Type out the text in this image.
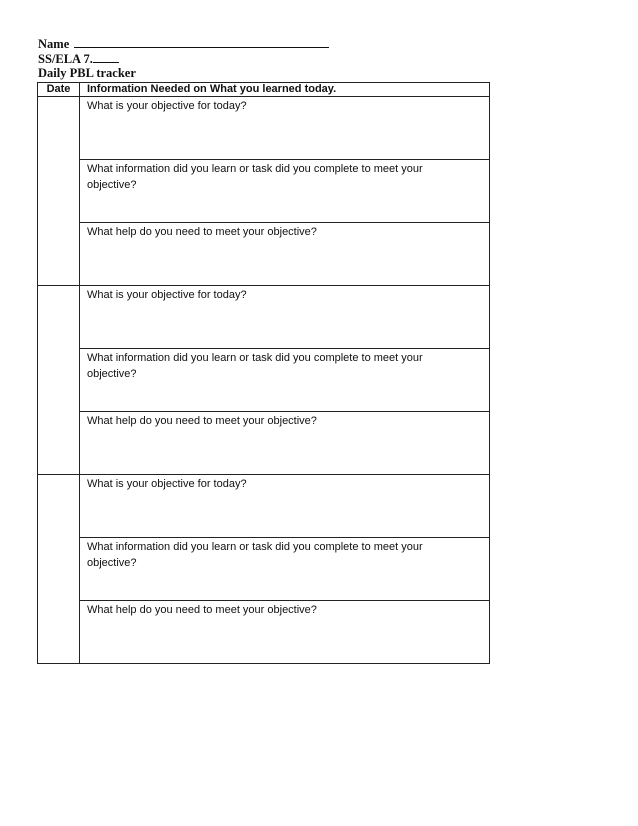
Name
SS/ELA 7.
Daily PBL tracker
Date	Information Needed on What you learned today.
	What is your objective for today?
	What information did you learn or task did you complete to meet your objective?
	What help do you need to meet your objective?
	What is your objective for today?
	What information did you learn or task did you complete to meet your objective?
	What help do you need to meet your objective?
	What is your objective for today?
	What information did you learn or task did you complete to meet your objective?
	What help do you need to meet your objective?
